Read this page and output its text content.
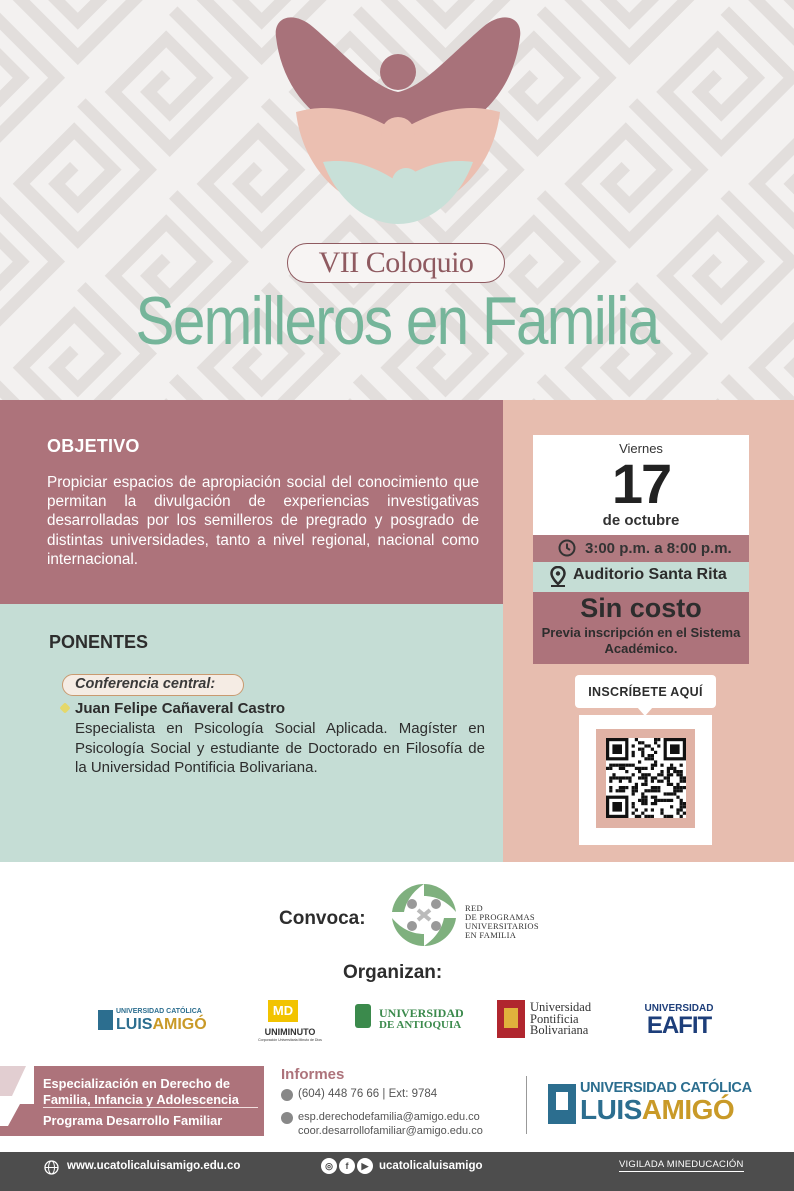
VII Coloquio
Semilleros en Familia
OBJETIVO
Propiciar espacios de apropiación social del conocimiento que permitan la divulgación de experiencias investigativas desarrolladas por los semilleros de pregrado y posgrado de distintas universidades, tanto a nivel regional, nacional como internacional.
PONENTES
Conferencia central:
Juan Felipe Cañaveral Castro
Especialista en Psicología Social Aplicada. Magíster en Psicología Social y estudiante de Doctorado en Filosofía de la Universidad Pontificia Bolivariana.
Viernes
17
de octubre
3:00 p.m. a 8:00 p.m.
Auditorio Santa Rita
Sin costo
Previa inscripción en el Sistema Académico.
INSCRÍBETE AQUÍ
Convoca:	RED
DE PROGRAMAS
UNIVERSITARIOS
EN FAMILIA
Organizan:
UNIVERSIDAD CATÓLICA
LUISAMIGÓ
MD
UNIMINUTO
Corporación Universitaria Minuto de Dios
UNIVERSIDAD
DE ANTIOQUIA
Universidad
Pontificia
Bolivariana
UNIVERSIDAD
EAFIT
Especialización en Derecho de
Familia, Infancia y Adolescencia
Programa Desarrollo Familiar
Informes
(604) 448 76 66 | Ext: 9784
esp.derechodefamilia@amigo.edu.co
coor.desarrollofamiliar@amigo.edu.co
UNIVERSIDAD CATÓLICA
LUISAMIGÓ
www.ucatolicaluisamigo.edu.co	◎	f	▶ ucatolicaluisamigo	VIGILADA MINEDUCACIÓN
